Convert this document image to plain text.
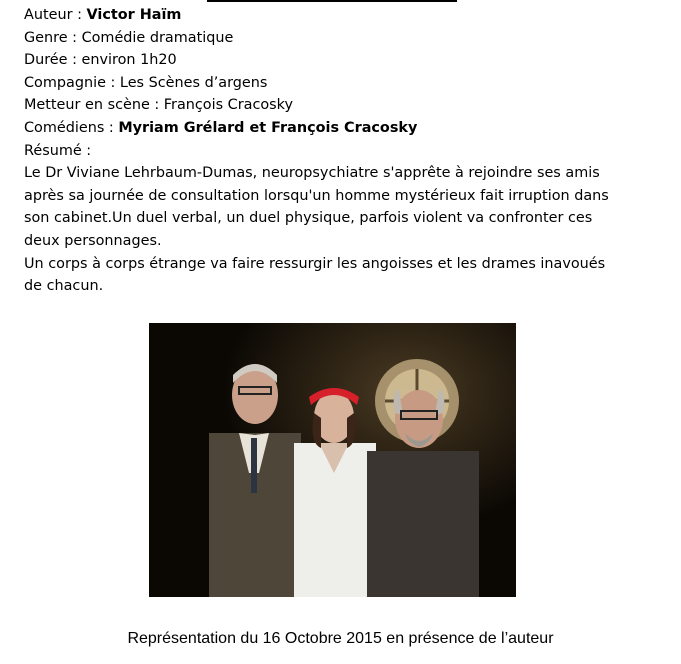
Auteur : Victor Haïm
Genre : Comédie dramatique
Durée : environ 1h20
Compagnie : Les Scènes d’argens
Metteur en scène : François Cracosky
Comédiens : Myriam Grélard et François Cracosky
Résumé :
Le Dr Viviane Lehrbaum-Dumas, neuropsychiatre s'apprête à rejoindre ses amis
après sa journée de consultation lorsqu'un homme mystérieux fait irruption dans
son cabinet.Un duel verbal, un duel physique, parfois violent va confronter ces
deux personnages.
Un corps à corps étrange va faire ressurgir les angoisses et les drames inavoués
de chacun.
Représentation du 16 Octobre 2015 en présence de l’auteur
